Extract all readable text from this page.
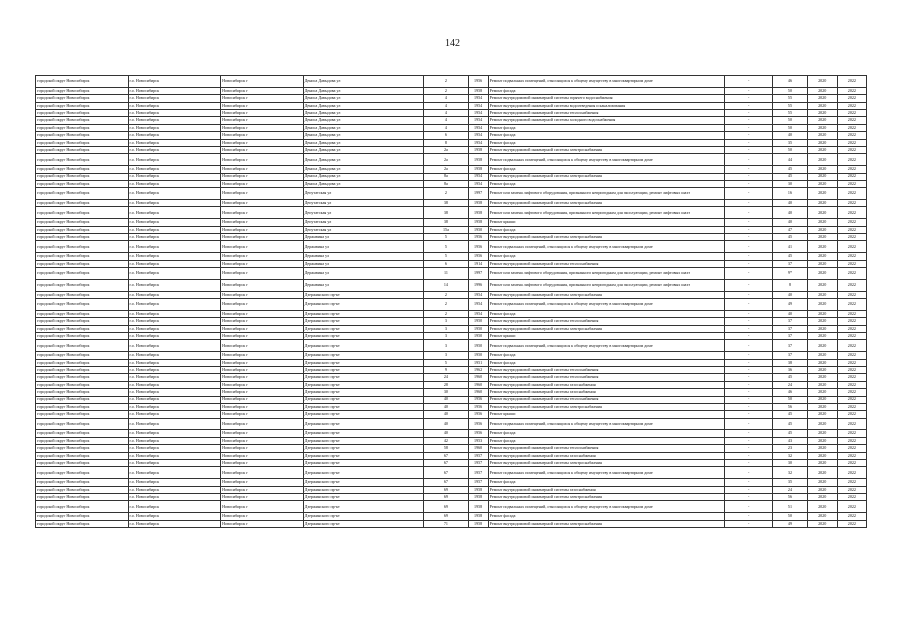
142
городской округ Новосибирск	г.о. Новосибирск	Новосибирск г	Дениса Давыдова ул	2	1956	Ремонт подвальных помещений, относящихся к общему имуществу в многоквартирном доме	-	46	2020	2022
городской округ Новосибирск	г.о. Новосибирск	Новосибирск г	Дениса Давыдова ул	2	1958	Ремонт фасада	-	50	2020	2022
городской округ Новосибирск	г.о. Новосибирск	Новосибирск г	Дениса Давыдова ул	4	1954	Ремонт внутридомовой инженерной системы горячего водоснабжения	-	55	2020	2022
городской округ Новосибирск	г.о. Новосибирск	Новосибирск г	Дениса Давыдова ул	4	1954	Ремонт внутридомовой инженерной системы водоотведения и канализования	-	55	2020	2022
городской округ Новосибирск	г.о. Новосибирск	Новосибирск г	Дениса Давыдова ул	4	1954	Ремонт внутридомовой инженерной системы теплоснабжения	-	55	2020	2022
городской округ Новосибирск	г.о. Новосибирск	Новосибирск г	Дениса Давыдова ул	4	1954	Ремонт внутридомовой инженерной системы холодного водоснабжения	-	50	2020	2022
городской округ Новосибирск	г.о. Новосибирск	Новосибирск г	Дениса Давыдова ул	4	1954	Ремонт фасада	-	50	2020	2022
городской округ Новосибирск	г.о. Новосибирск	Новосибирск г	Дениса Давыдова ул	6	1954	Ремонт фасада	-	40	2020	2022
городской округ Новосибирск	г.о. Новосибирск	Новосибирск г	Дениса Давыдова ул	8	1954	Ремонт фасада	-	35	2020	2022
городской округ Новосибирск	г.о. Новосибирск	Новосибирск г	Дениса Давыдова ул	2а	1958	Ремонт внутридомовой инженерной системы электроснабжения	-	50	2020	2022
городской округ Новосибирск	г.о. Новосибирск	Новосибирск г	Дениса Давыдова ул	2а	1958	Ремонт подвальных помещений, относящихся к общему имуществу в многоквартирном доме	-	44	2020	2022
городской округ Новосибирск	г.о. Новосибирск	Новосибирск г	Дениса Давыдова ул	2а	1958	Ремонт фасада	-	45	2020	2022
городской округ Новосибирск	г.о. Новосибирск	Новосибирск г	Дениса Давыдова ул	8а	1954	Ремонт внутридомовой инженерной системы электроснабжения	-	45	2020	2022
городской округ Новосибирск	г.о. Новосибирск	Новосибирск г	Дениса Давыдова ул	8а	1954	Ремонт фасада	-	30	2020	2022
городской округ Новосибирск	г.о. Новосибирск	Новосибирск г	Депутатская ул	2	1997	Ремонт или замена лифтового оборудования, признанного непригодным для эксплуатации, ремонт лифтовых шахт	-	16	2020	2022
городской округ Новосибирск	г.о. Новосибирск	Новосибирск г	Депутатская ул	38	1958	Ремонт внутридомовой инженерной системы электроснабжения	-	40	2020	2022
городской округ Новосибирск	г.о. Новосибирск	Новосибирск г	Депутатская ул	38	1958	Ремонт или замена лифтового оборудования, признанного непригодным для эксплуатации, ремонт лифтовых шахт	-	40	2020	2022
городской округ Новосибирск	г.о. Новосибирск	Новосибирск г	Депутатская ул	38	1958	Ремонт крыши	-	40	2020	2022
городской округ Новосибирск	г.о. Новосибирск	Новосибирск г	Депутатская ул	15а	1950	Ремонт фасада	-	47	2020	2022
городской округ Новосибирск	г.о. Новосибирск	Новосибирск г	Державина ул	5	1956	Ремонт внутридомовой инженерной системы электроснабжения	-	45	2020	2022
городской округ Новосибирск	г.о. Новосибирск	Новосибирск г	Державина ул	5	1956	Ремонт подвальных помещений, относящихся к общему имуществу в многоквартирном доме	-	41	2020	2022
городской округ Новосибирск	г.о. Новосибирск	Новосибирск г	Державина ул	5	1956	Ремонт фасада	-	45	2020	2022
городской округ Новосибирск	г.о. Новосибирск	Новосибирск г	Державина ул	6	1914	Ремонт внутридомовой инженерной системы теплоснабжения	-	37	2020	2022
городской округ Новосибирск	г.о. Новосибирск	Новосибирск г	Державина ул	11	1997	Ремонт или замена лифтового оборудования, признанного непригодным для эксплуатации, ремонт лифтовых шахт	-	9*	2020	2022
городской округ Новосибирск	г.о. Новосибирск	Новосибирск г	Державина ул	14	1996	Ремонт или замена лифтового оборудования, признанного непригодным для эксплуатации, ремонт лифтовых шахт	-	8	2020	2022
городской округ Новосибирск	г.о. Новосибирск	Новосибирск г	Дзержинского пр-кт	2	1954	Ремонт внутридомовой инженерной системы электроснабжения	-	40	2020	2022
городской округ Новосибирск	г.о. Новосибирск	Новосибирск г	Дзержинского пр-кт	2	1954	Ремонт подвальных помещений, относящихся к общему имуществу в многоквартирном доме	-	49	2020	2022
городской округ Новосибирск	г.о. Новосибирск	Новосибирск г	Дзержинского пр-кт	2	1954	Ремонт фасада	-	40	2020	2022
городской округ Новосибирск	г.о. Новосибирск	Новосибирск г	Дзержинского пр-кт	3	1950	Ремонт внутридомовой инженерной системы теплоснабжения	-	37	2020	2022
городской округ Новосибирск	г.о. Новосибирск	Новосибирск г	Дзержинского пр-кт	3	1950	Ремонт внутридомовой инженерной системы электроснабжения	-	37	2020	2022
городской округ Новосибирск	г.о. Новосибирск	Новосибирск г	Дзержинского пр-кт	3	1950	Ремонт крыши	-	37	2020	2022
городской округ Новосибирск	г.о. Новосибирск	Новосибирск г	Дзержинского пр-кт	3	1950	Ремонт подвальных помещений, относящихся к общему имуществу в многоквартирном доме	-	37	2020	2022
городской округ Новосибирск	г.о. Новосибирск	Новосибирск г	Дзержинского пр-кт	3	1950	Ремонт фасада	-	37	2020	2022
городской округ Новосибирск	г.о. Новосибирск	Новосибирск г	Дзержинского пр-кт	5	1951	Ремонт фасада	-	38	2020	2022
городской округ Новосибирск	г.о. Новосибирск	Новосибирск г	Дзержинского пр-кт	9	1962	Ремонт внутридомовой инженерной системы теплоснабжения	-	36	2020	2022
городской округ Новосибирск	г.о. Новосибирск	Новосибирск г	Дзержинского пр-кт	24	1960	Ремонт внутридомовой инженерной системы теплоснабжения	-	45	2020	2022
городской округ Новосибирск	г.о. Новосибирск	Новосибирск г	Дзержинского пр-кт	28	1960	Ремонт внутридомовой инженерной системы газоснабжения	-	24	2020	2022
городской округ Новосибирск	г.о. Новосибирск	Новосибирск г	Дзержинского пр-кт	30	1960	Ремонт внутридомовой инженерной системы газоснабжения	-	46	2020	2022
городской округ Новосибирск	г.о. Новосибирск	Новосибирск г	Дзержинского пр-кт	40	1956	Ремонт внутридомовой инженерной системы теплоснабжения	-	50	2020	2022
городской округ Новосибирск	г.о. Новосибирск	Новосибирск г	Дзержинского пр-кт	40	1956	Ремонт внутридомовой инженерной системы электроснабжения	-	56	2020	2022
городской округ Новосибирск	г.о. Новосибирск	Новосибирск г	Дзержинского пр-кт	40	1956	Ремонт крыши	-	45	2020	2022
городской округ Новосибирск	г.о. Новосибирск	Новосибирск г	Дзержинского пр-кт	40	1956	Ремонт подвальных помещений, относящихся к общему имуществу в многоквартирном доме	-	45	2020	2022
городской округ Новосибирск	г.о. Новосибирск	Новосибирск г	Дзержинского пр-кт	40	1956	Ремонт фасада	-	45	2020	2022
городской округ Новосибирск	г.о. Новосибирск	Новосибирск г	Дзержинского пр-кт	42	1953	Ремонт фасада	-	43	2020	2022
городской округ Новосибирск	г.о. Новосибирск	Новосибирск г	Дзержинского пр-кт	58	1960	Ремонт внутридомовой инженерной системы теплоснабжения	-	23	2020	2022
городской округ Новосибирск	г.о. Новосибирск	Новосибирск г	Дзержинского пр-кт	67	1957	Ремонт внутридомовой инженерной системы газоснабжения	-	32	2020	2022
городской округ Новосибирск	г.о. Новосибирск	Новосибирск г	Дзержинского пр-кт	67	1957	Ремонт внутридомовой инженерной системы электроснабжения	-	30	2020	2022
городской округ Новосибирск	г.о. Новосибирск	Новосибирск г	Дзержинского пр-кт	67	1957	Ремонт подвальных помещений, относящихся к общему имуществу в многоквартирном доме	-	32	2020	2022
городской округ Новосибирск	г.о. Новосибирск	Новосибирск г	Дзержинского пр-кт	67	1957	Ремонт фасада	-	35	2020	2022
городской округ Новосибирск	г.о. Новосибирск	Новосибирск г	Дзержинского пр-кт	69	1958	Ремонт внутридомовой инженерной системы газоснабжения	-	24	2020	2022
городской округ Новосибирск	г.о. Новосибирск	Новосибирск г	Дзержинского пр-кт	69	1958	Ремонт внутридомовой инженерной системы электроснабжения	-	56	2020	2022
городской округ Новосибирск	г.о. Новосибирск	Новосибирск г	Дзержинского пр-кт	69	1958	Ремонт подвальных помещений, относящихся к общему имуществу в многоквартирном доме	-	51	2020	2022
городской округ Новосибирск	г.о. Новосибирск	Новосибирск г	Дзержинского пр-кт	69	1958	Ремонт фасада	-	50	2020	2022
городской округ Новосибирск	г.о. Новосибирск	Новосибирск г	Дзержинского пр-кт	71	1958	Ремонт внутридомовой инженерной системы электроснабжения	-	49	2020	2022
